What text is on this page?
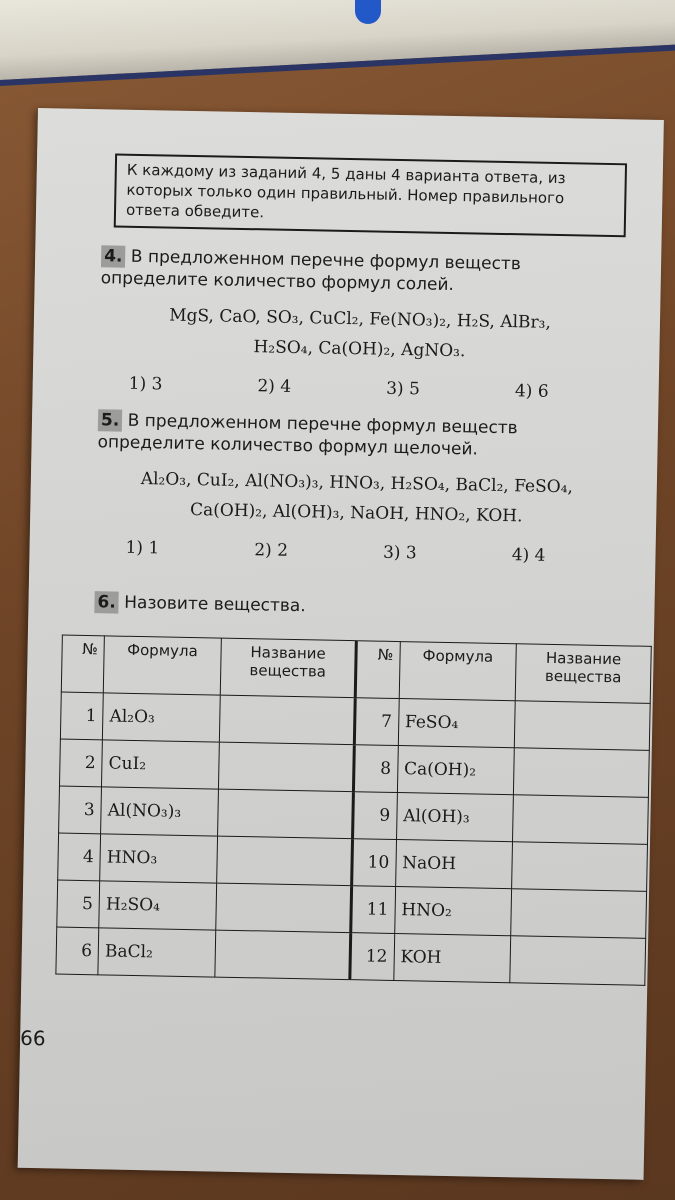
К каждому из заданий 4, 5 даны 4 варианта ответа, из которых только один правильный. Номер правильного ответа обведите.
4. В предложенном перечне формул веществ определите количество формул солей.
MgS, CaO, SO₃, CuCl₂, Fe(NO₃)₂, H₂S, AlBr₃,
H₂SO₄, Ca(OH)₂, AgNO₃.
1) 3	2) 4	3) 5	4) 6
5. В предложенном перечне формул веществ определите количество формул щелочей.
Al₂O₃, CuI₂, Al(NO₃)₃, HNO₃, H₂SO₄, BaCl₂, FeSO₄,
Ca(OH)₂, Al(OH)₃, NaOH, HNO₂, KOH.
1) 1	2) 2	3) 3	4) 4
6. Назовите вещества.
№	Формула	Название вещества	№	Формула	Название вещества
1	Al₂O₃		7	FeSO₄	
2	CuI₂		8	Ca(OH)₂	
3	Al(NO₃)₃		9	Al(OH)₃	
4	HNO₃		10	NaOH	
5	H₂SO₄		11	HNO₂	
6	BaCl₂		12	KOH	
66
